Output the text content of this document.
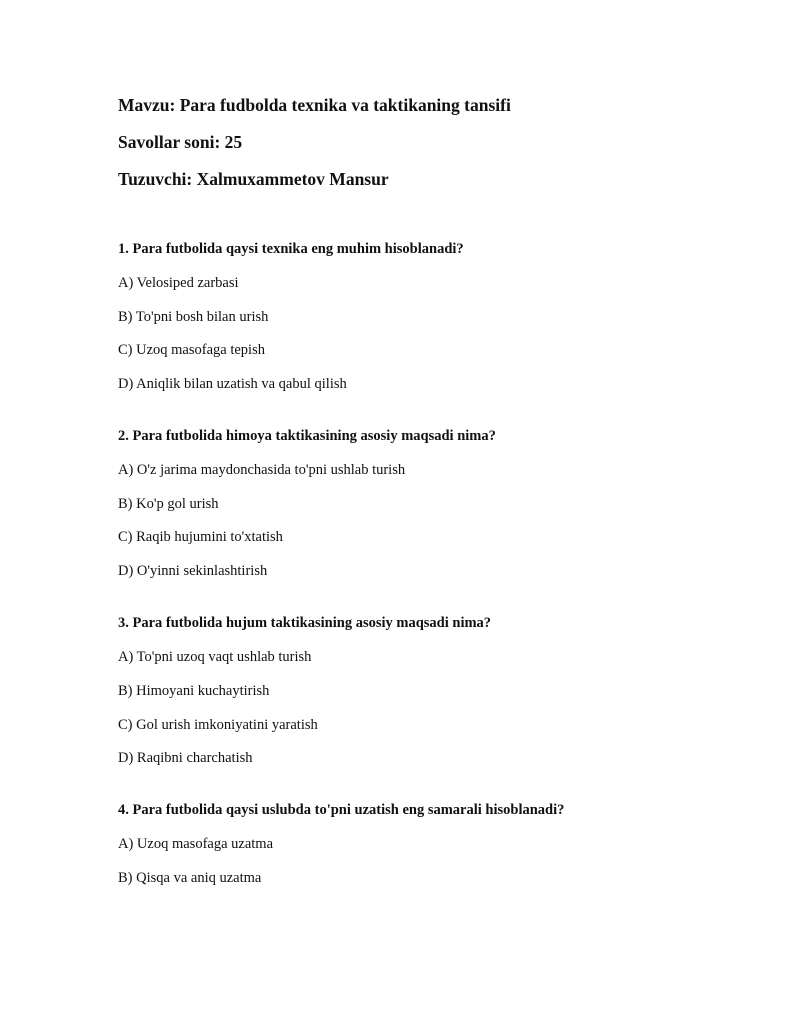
Mavzu: Para fudbolda texnika va taktikaning tansifi
Savollar soni: 25
Tuzuvchi: Xalmuxammetov Mansur
1. Para futbolida qaysi texnika eng muhim hisoblanadi?
A) Velosiped zarbasi
B) To'pni bosh bilan urish
C) Uzoq masofaga tepish
D) Aniqlik bilan uzatish va qabul qilish
2. Para futbolida himoya taktikasining asosiy maqsadi nima?
A) O'z jarima maydonchasida to'pni ushlab turish
B) Ko'p gol urish
C) Raqib hujumini to'xtatish
D) O'yinni sekinlashtirish
3. Para futbolida hujum taktikasining asosiy maqsadi nima?
A) To'pni uzoq vaqt ushlab turish
B) Himoyani kuchaytirish
C) Gol urish imkoniyatini yaratish
D) Raqibni charchatish
4. Para futbolida qaysi uslubda to'pni uzatish eng samarali hisoblanadi?
A) Uzoq masofaga uzatma
B) Qisqa va aniq uzatma
